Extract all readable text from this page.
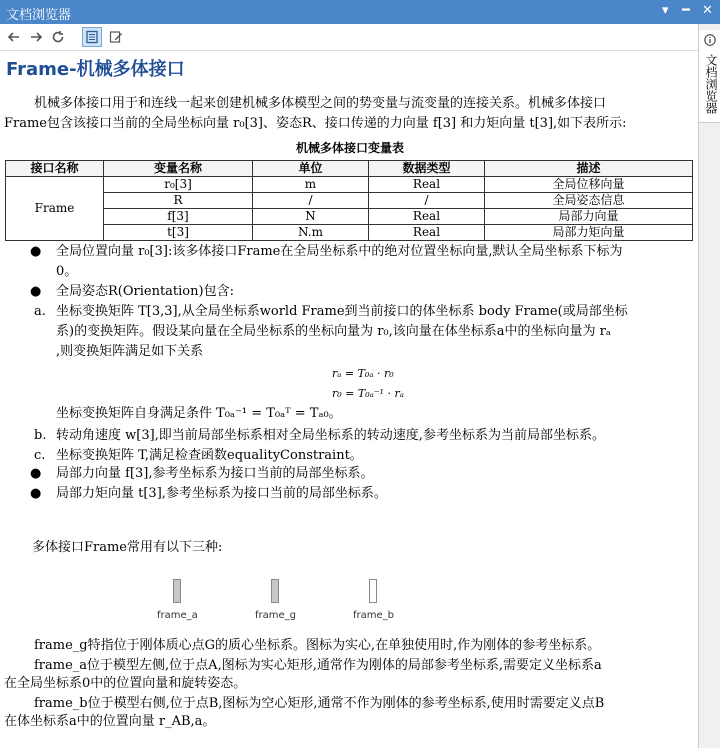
文档浏览器	▾ ━ ✕
文档浏览器
Frame-机械多体接口
机械多体接口用于和连线一起来创建机械多体模型之间的势变量与流变量的连接关系。机械多体接口
Frame包含该接口当前的全局坐标向量 r₀[3]、姿态R、接口传递的力向量 f[3] 和力矩向量 t[3],如下表所示:
机械多体接口变量表
接口名称	变量名称	单位	数据类型	描述
Frame	r₀[3]	m	Real	全局位移向量
	R	/	/	全局姿态信息
	f[3]	N	Real	局部力向量
	t[3]	N.m	Real	局部力矩向量
● 全局位置向量 r₀[3]:该多体接口Frame在全局坐标系中的绝对位置坐标向量,默认全局坐标系下标为
0。
● 全局姿态R(Orientation)包含:
a. 坐标变换矩阵 T[3,3],从全局坐标系world Frame到当前接口的体坐标系 body Frame(或局部坐标
系)的变换矩阵。假设某向量在全局坐标系的坐标向量为 r₀,该向量在体坐标系a中的坐标向量为 rₐ
,则变换矩阵满足如下关系
rₐ = T₀ₐ · r₀
r₀ = T₀ₐ⁻¹ · rₐ
坐标变换矩阵自身满足条件 T₀ₐ⁻¹ = T₀ₐᵀ = Tₐ₀。
b. 转动角速度 w[3],即当前局部坐标系相对全局坐标系的转动速度,参考坐标系为当前局部坐标系。
c. 坐标变换矩阵 T,满足检查函数equalityConstraint。
● 局部力向量 f[3],参考坐标系为接口当前的局部坐标系。
● 局部力矩向量 t[3],参考坐标系为接口当前的局部坐标系。
多体接口Frame常用有以下三种:
frame_a	frame_g	frame_b
frame_g特指位于刚体质心点G的质心坐标系。图标为实心,在单独使用时,作为刚体的参考坐标系。
frame_a位于模型左侧,位于点A,图标为实心矩形,通常作为刚体的局部参考坐标系,需要定义坐标系a
在全局坐标系0中的位置向量和旋转姿态。
frame_b位于模型右侧,位于点B,图标为空心矩形,通常不作为刚体的参考坐标系,使用时需要定义点B
在体坐标系a中的位置向量 r_AB,a。
